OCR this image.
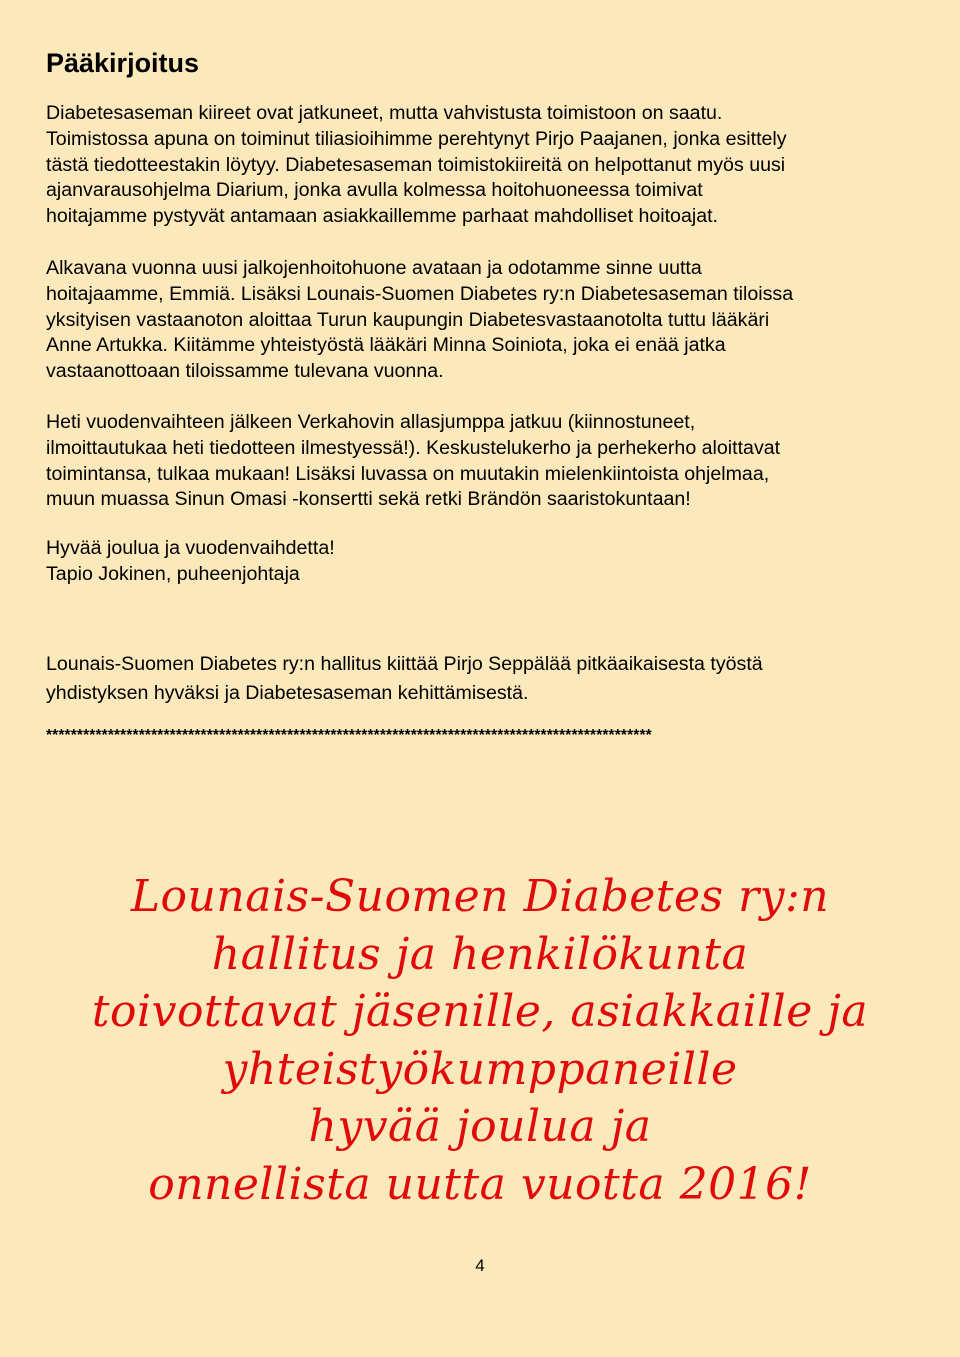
Pääkirjoitus

Diabetesaseman kiireet ovat jatkuneet, mutta vahvistusta toimistoon on saatu.
Toimistossa apuna on toiminut tiliasioihimme perehtynyt Pirjo Paajanen, jonka esittely
tästä tiedotteestakin löytyy. Diabetesaseman toimistokiireitä on helpottanut myös uusi
ajanvarausohjelma Diarium, jonka avulla kolmessa hoitohuoneessa toimivat
hoitajamme pystyvät antamaan asiakkaillemme parhaat mahdolliset hoitoajat.

Alkavana vuonna uusi jalkojenhoitohuone avataan ja odotamme sinne uutta
hoitajaamme, Emmiä. Lisäksi Lounais-Suomen Diabetes ry:n Diabetesaseman tiloissa
yksityisen vastaanoton aloittaa Turun kaupungin Diabetesvastaanotolta tuttu lääkäri
Anne Artukka. Kiitämme yhteistyöstä lääkäri Minna Soiniota, joka ei enää jatka
vastaanottoaan tiloissamme tulevana vuonna.

Heti vuodenvaihteen jälkeen Verkahovin allasjumppa jatkuu (kiinnostuneet,
ilmoittautukaa heti tiedotteen ilmestyessä!). Keskustelukerho ja perhekerho aloittavat
toimintansa, tulkaa mukaan! Lisäksi luvassa on muutakin mielenkiintoista ohjelmaa,
muun muassa Sinun Omasi -konsertti sekä retki Brändön saaristokuntaan!

Hyvää joulua ja vuodenvaihdetta!
Tapio Jokinen, puheenjohtaja

Lounais-Suomen Diabetes ry:n hallitus kiittää Pirjo Seppälää pitkäaikaisesta työstä
yhdistyksen hyväksi ja Diabetesaseman kehittämisestä.

**************************************************************************************************
Lounais-Suomen Diabetes ry:n
hallitus ja henkilökunta
toivottavat jäsenille, asiakkaille ja
yhteistyökumppaneille
hyvää joulua ja
onnellista uutta vuotta 2016!
4
